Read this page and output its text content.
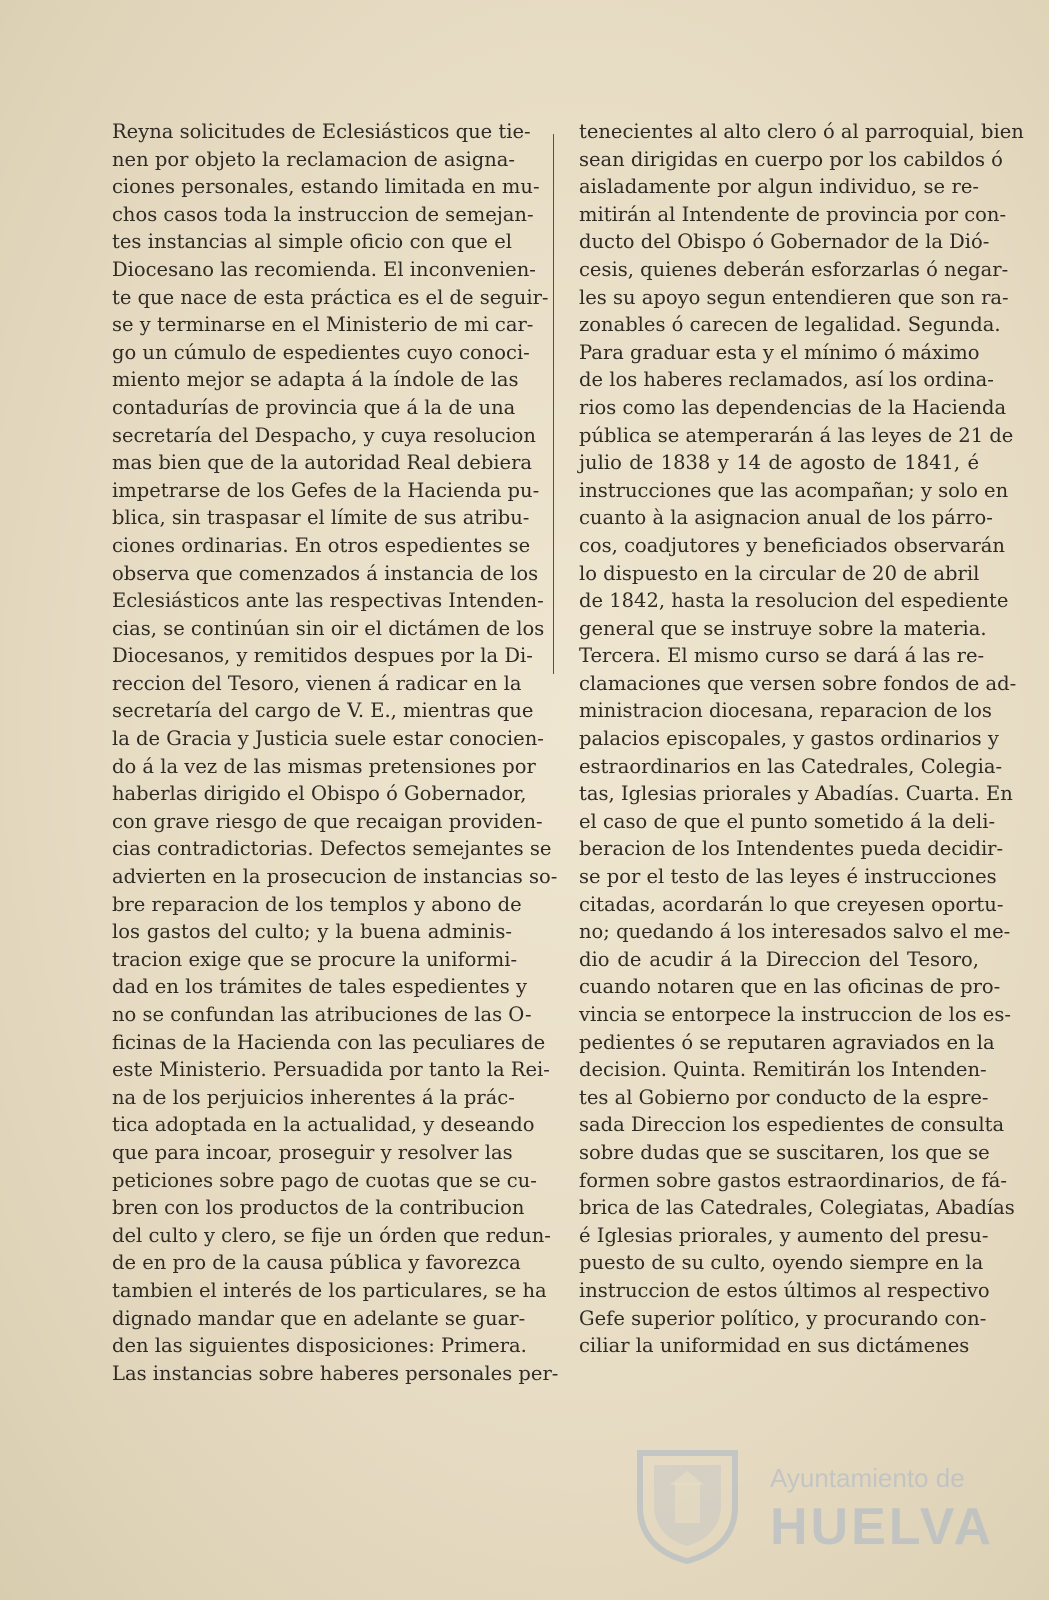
Reyna solicitudes de Eclesiásticos que tie-
nen por objeto la reclamacion de asigna-
ciones personales, estando limitada en mu-
chos casos toda la instruccion de semejan-
tes instancias al simple oficio con que el
Diocesano las recomienda. El inconvenien-
te que nace de esta práctica es el de seguir-
se y terminarse en el Ministerio de mi car-
go un cúmulo de espedientes cuyo conoci-
miento mejor se adapta á la índole de las
contadurías de provincia que á la de una
secretaría del Despacho, y cuya resolucion
mas bien que de la autoridad Real debiera
impetrarse de los Gefes de la Hacienda pu-
blica, sin traspasar el límite de sus atribu-
ciones ordinarias. En otros espedientes se
observa que comenzados á instancia de los
Eclesiásticos ante las respectivas Intenden-
cias, se continúan sin oir el dictámen de los
Diocesanos, y remitidos despues por la Di-
reccion del Tesoro, vienen á radicar en la
secretaría del cargo de V. E., mientras que
la de Gracia y Justicia suele estar conocien-
do á la vez de las mismas pretensiones por
haberlas dirigido el Obispo ó Gobernador,
con grave riesgo de que recaigan providen-
cias contradictorias. Defectos semejantes se
advierten en la prosecucion de instancias so-
bre reparacion de los templos y abono de
los gastos del culto; y la buena adminis-
tracion exige que se procure la uniformi-
dad en los trámites de tales espedientes y
no se confundan las atribuciones de las O-
ficinas de la Hacienda con las peculiares de
este Ministerio. Persuadida por tanto la Rei-
na de los perjuicios inherentes á la prác-
tica adoptada en la actualidad, y deseando
que para incoar, proseguir y resolver las
peticiones sobre pago de cuotas que se cu-
bren con los productos de la contribucion
del culto y clero, se fije un órden que redun-
de en pro de la causa pública y favorezca
tambien el interés de los particulares, se ha
dignado mandar que en adelante se guar-
den las siguientes disposiciones: Primera.
Las instancias sobre haberes personales per-
tenecientes al alto clero ó al parroquial, bien
sean dirigidas en cuerpo por los cabildos ó
aisladamente por algun individuo, se re-
mitirán al Intendente de provincia por con-
ducto del Obispo ó Gobernador de la Dió-
cesis, quienes deberán esforzarlas ó negar-
les su apoyo segun entendieren que son ra-
zonables ó carecen de legalidad. Segunda.
Para graduar esta y el mínimo ó máximo
de los haberes reclamados, así los ordina-
rios como las dependencias de la Hacienda
pública se atemperarán á las leyes de 21 de
julio de 1838 y 14 de agosto de 1841, é
instrucciones que las acompañan; y solo en
cuanto à la asignacion anual de los párro-
cos, coadjutores y beneficiados observarán
lo dispuesto en la circular de 20 de abril
de 1842, hasta la resolucion del espediente
general que se instruye sobre la materia.
Tercera. El mismo curso se dará á las re-
clamaciones que versen sobre fondos de ad-
ministracion diocesana, reparacion de los
palacios episcopales, y gastos ordinarios y
estraordinarios en las Catedrales, Colegia-
tas, Iglesias priorales y Abadías. Cuarta. En
el caso de que el punto sometido á la deli-
beracion de los Intendentes pueda decidir-
se por el testo de las leyes é instrucciones
citadas, acordarán lo que creyesen oportu-
no; quedando á los interesados salvo el me-
dio de acudir á la Direccion del Tesoro,
cuando notaren que en las oficinas de pro-
vincia se entorpece la instruccion de los es-
pedientes ó se reputaren agraviados en la
decision. Quinta. Remitirán los Intenden-
tes al Gobierno por conducto de la espre-
sada Direccion los espedientes de consulta
sobre dudas que se suscitaren, los que se
formen sobre gastos estraordinarios, de fá-
brica de las Catedrales, Colegiatas, Abadías
é Iglesias priorales, y aumento del presu-
puesto de su culto, oyendo siempre en la
instruccion de estos últimos al respectivo
Gefe superior político, y procurando con-
ciliar la uniformidad en sus dictámenes
Ayuntamiento de
HUELVA
